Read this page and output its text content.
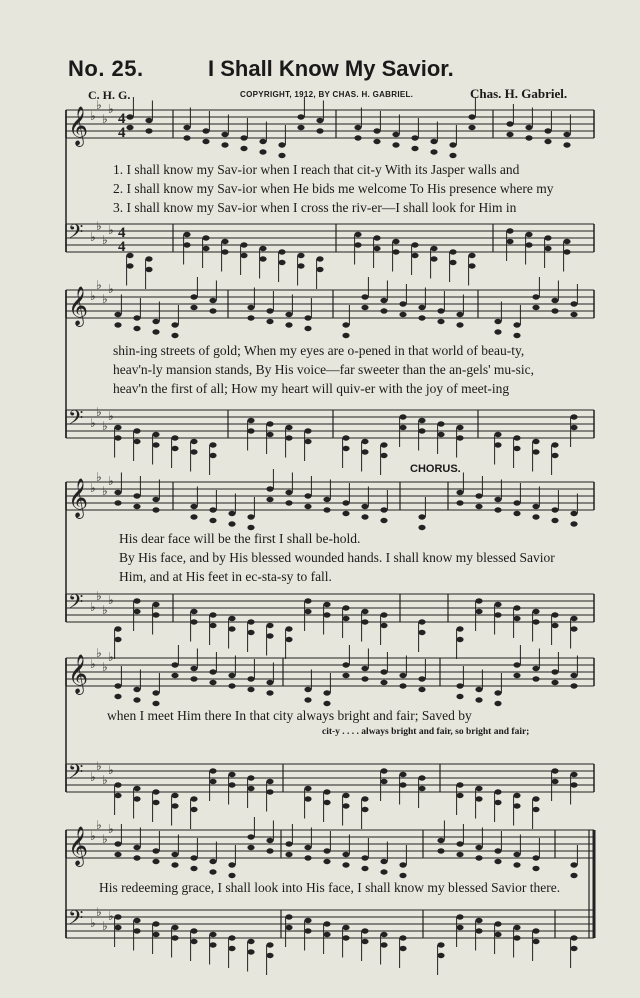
No. 25.	I Shall Know My Savior.
C. H. G.	COPYRIGHT, 1912, BY CHAS. H. GABRIEL.	Chas. H. Gabriel.
𝄞 ♭
♭
♭
♭
4
4
𝄢 ♭
♭
♭
♭ 4
4
𝄞 ♭
♭
♭
♭
𝄢 ♭
♭
♭
♭
𝄞 ♭
♭
♭
♭
𝄢 ♭
♭
♭
♭
𝄞 ♭
♭
♭
♭
𝄢 ♭
♭
♭
♭
𝄞 ♭
♭
♭
♭
𝄢 ♭
♭
♭
♭
1. I shall know my Sav-ior when I reach that cit-y With its Jasper walls and
2. I shall know my Sav-ior when He bids me welcome To His presence where my
3. I shall know my Sav-ior when I cross the riv-er—I shall look for Him in
shin-ing streets of gold; When my eyes are o-pened in that world of beau-ty,
heav'n-ly mansion stands, By His voice—far sweeter than the an-gels' mu-sic,
heav'n the first of all; How my heart will quiv-er with the joy of meet-ing
CHORUS.
His dear face will be the first I shall be-hold.
By His face, and by His blessed wounded hands. I shall know my blessed Savior
Him, and at His feet in ec-sta-sy to fall.
when I meet Him there In that city always bright and fair; Saved by
cit-y . . . . always bright and fair, so bright and fair;
His redeeming grace, I shall look into His face, I shall know my blessed Savior there.
